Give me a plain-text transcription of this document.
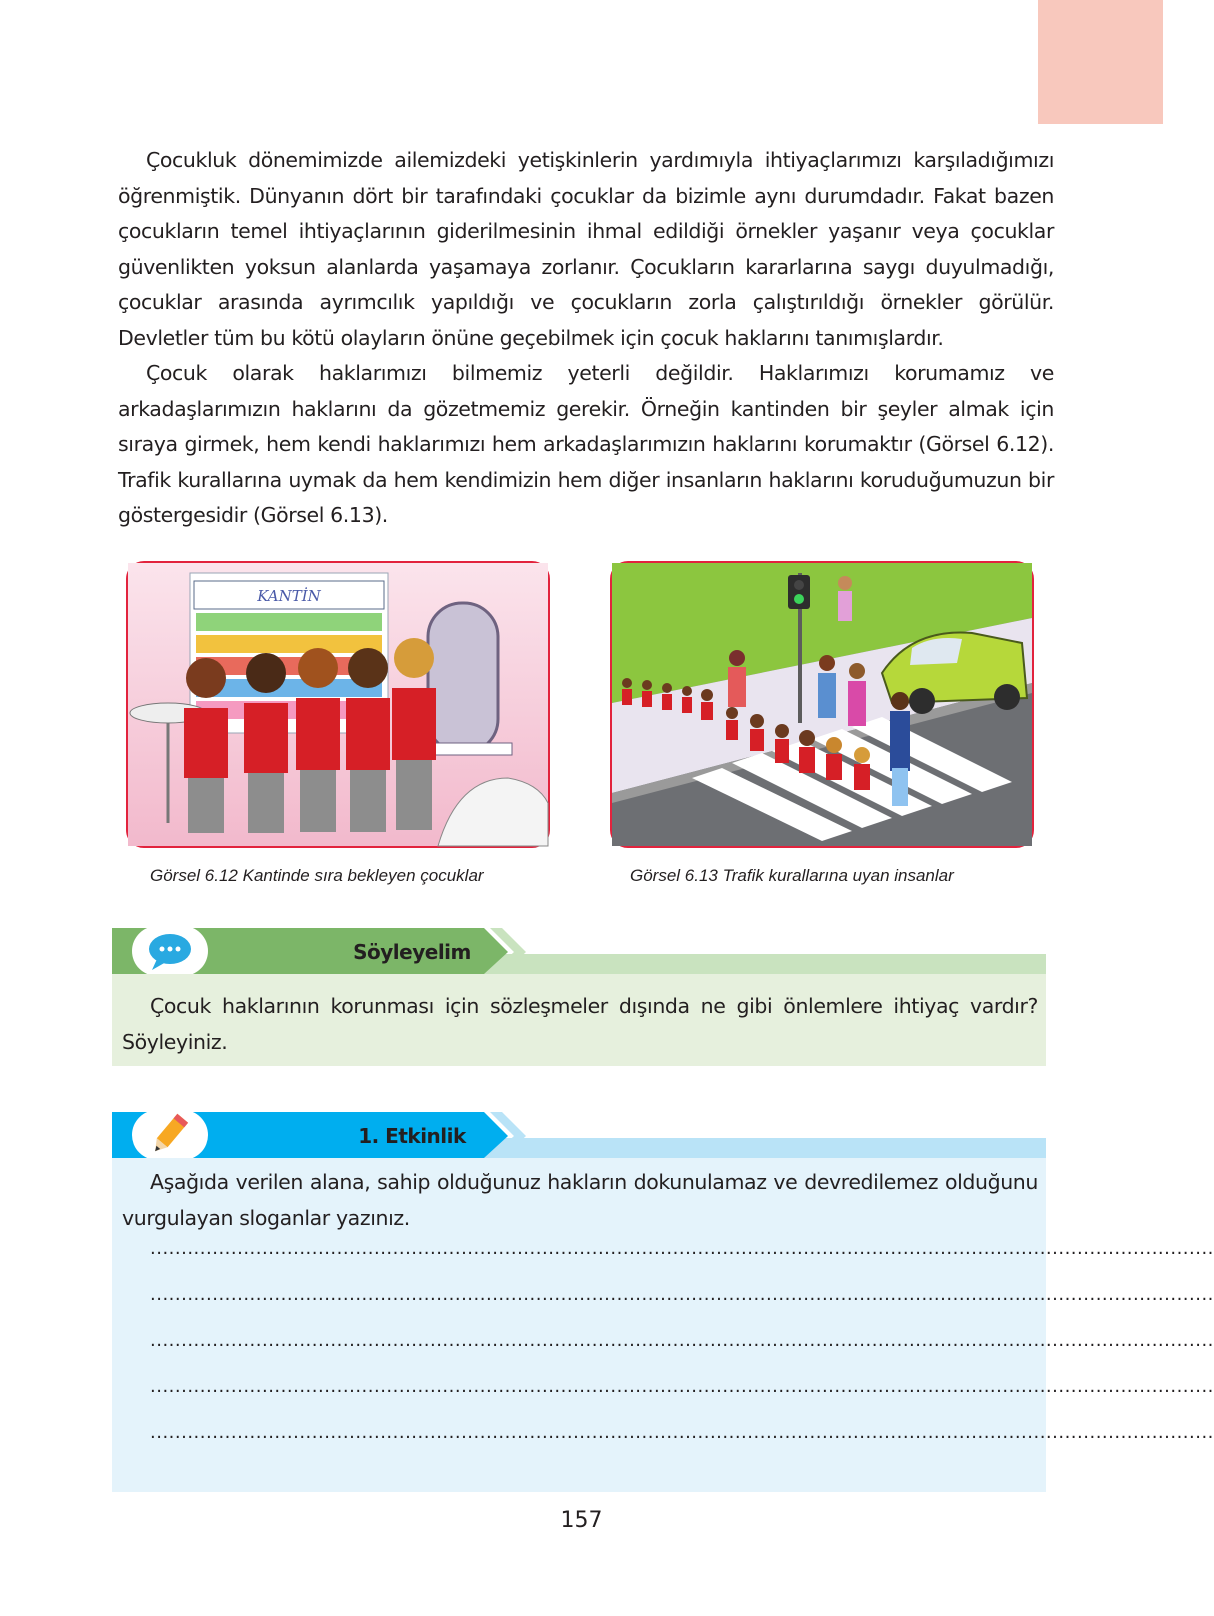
Çocukluk dönemimizde ailemizdeki yetişkinlerin yardımıyla ihtiyaçlarımızı karşıladığımızı öğrenmiştik. Dünyanın dört bir tarafındaki çocuklar da bizimle aynı durumdadır. Fakat bazen çocukların temel ihtiyaçlarının giderilmesinin ihmal edildiği örnekler yaşanır veya çocuklar güvenlikten yoksun alanlarda yaşamaya zorlanır. Çocukların kararlarına saygı duyulmadığı, çocuklar arasında ayrımcılık yapıldığı ve çocukların zorla çalıştırıldığı örnekler görülür. Devletler tüm bu kötü olayların önüne geçebilmek için çocuk haklarını tanımışlardır.

Çocuk olarak haklarımızı bilmemiz yeterli değildir. Haklarımızı korumamız ve arkadaşlarımızın haklarını da gözetmemiz gerekir. Örneğin kantinden bir şeyler almak için sıraya girmek, hem kendi haklarımızı hem arkadaşlarımızın haklarını korumaktır (Görsel 6.12). Trafik kurallarına uymak da hem kendimizin hem diğer insanların haklarını koruduğumuzun bir göstergesidir (Görsel 6.13).

KANTİN
Görsel 6.12 Kantinde sıra bekleyen çocuklar	Görsel 6.13 Trafik kurallarına uyan insanlar
Söyleyelim

Çocuk haklarının korunması için sözleşmeler dışında ne gibi önlemlere ihtiyaç vardır? Söyleyiniz.

1. Etkinlik

Aşağıda verilen alana, sahip olduğunuz hakların dokunulamaz ve devredilemez olduğunu vurgulayan sloganlar yazınız.

...........................................................................................................................................................................
...........................................................................................................................................................................
...........................................................................................................................................................................
...........................................................................................................................................................................
...........................................................................................................................................................................
157
